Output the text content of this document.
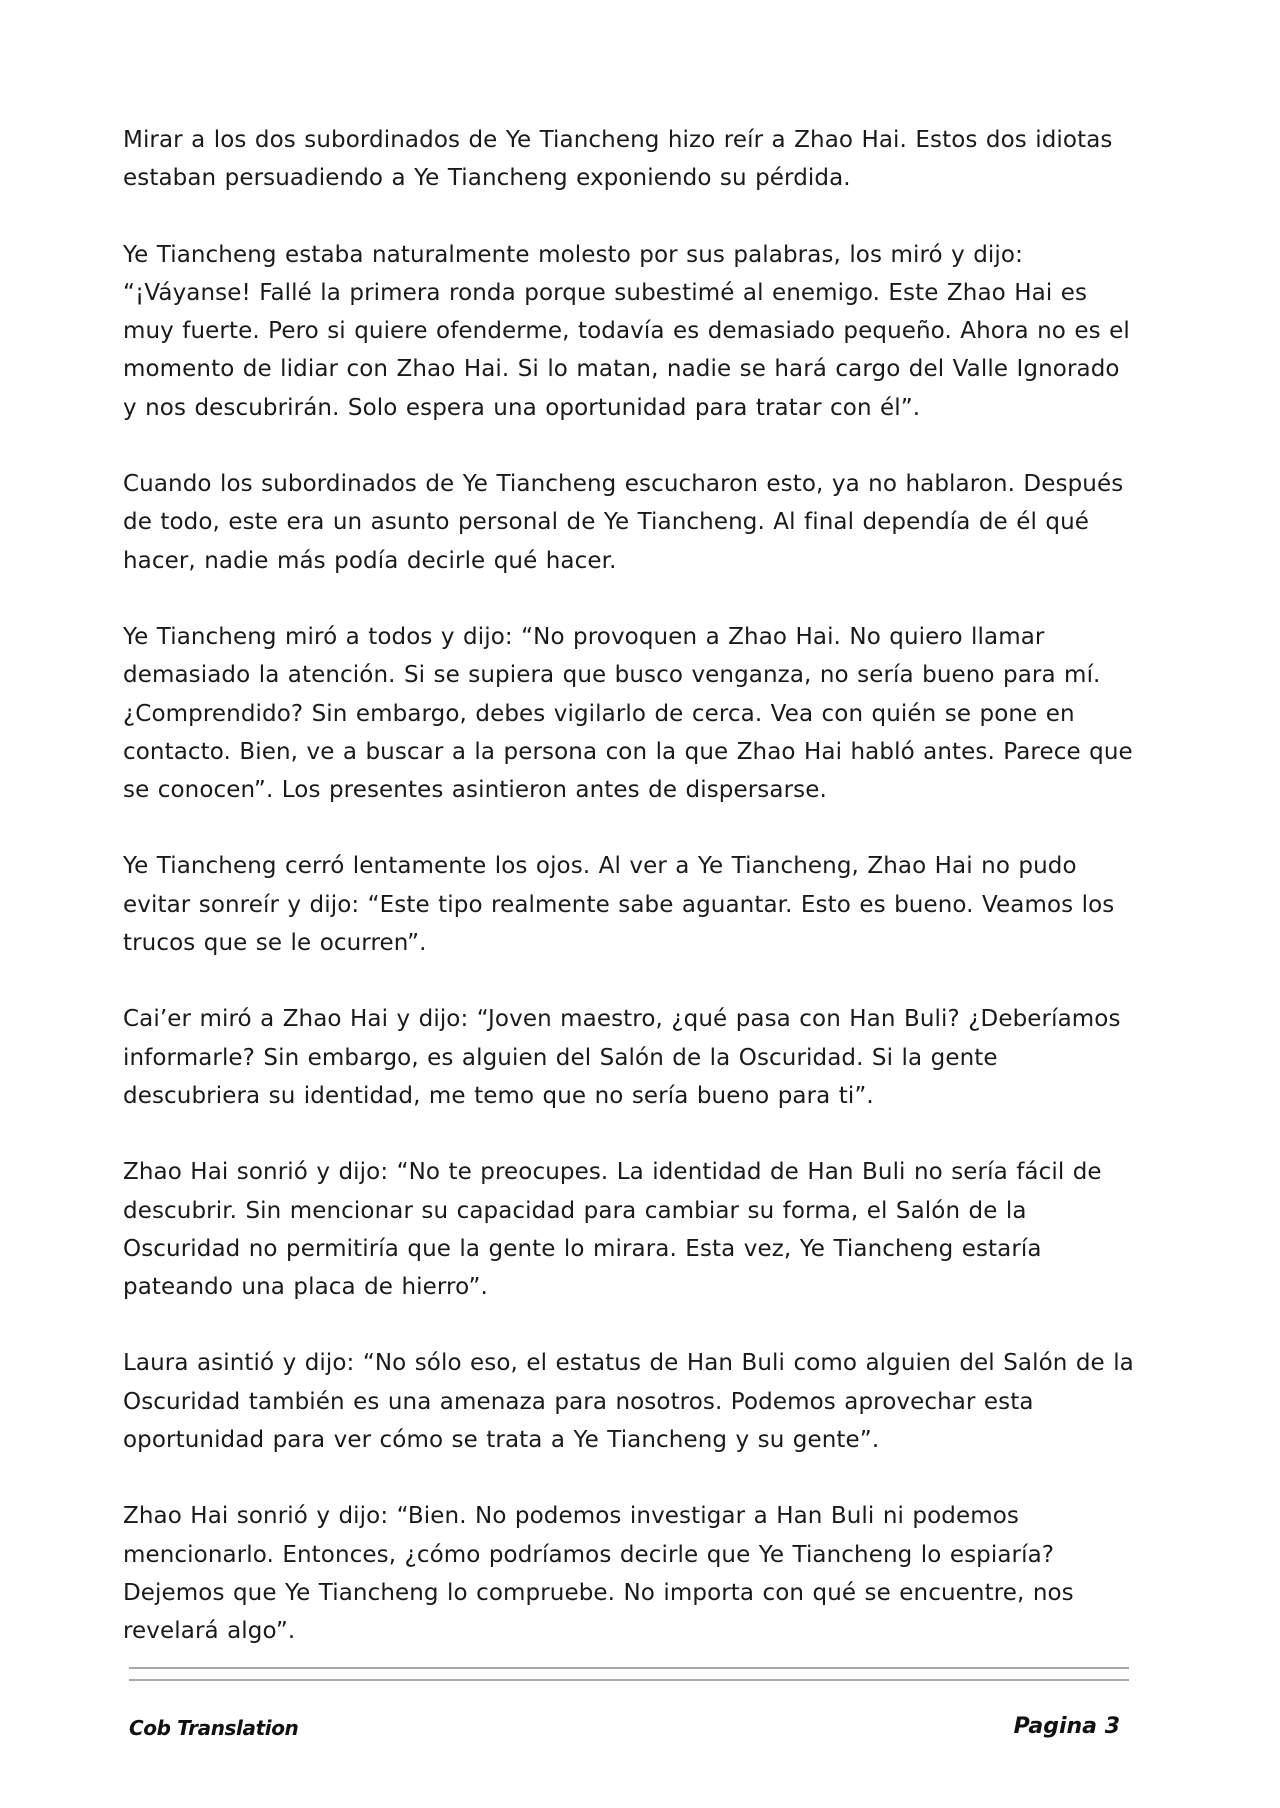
Mirar a los dos subordinados de Ye Tiancheng hizo reír a Zhao Hai. Estos dos idiotas estaban persuadiendo a Ye Tiancheng exponiendo su pérdida.

Ye Tiancheng estaba naturalmente molesto por sus palabras, los miró y dijo: “¡Váyanse! Fallé la primera ronda porque subestimé al enemigo. Este Zhao Hai es muy fuerte. Pero si quiere ofenderme, todavía es demasiado pequeño. Ahora no es el momento de lidiar con Zhao Hai. Si lo matan, nadie se hará cargo del Valle Ignorado y nos descubrirán. Solo espera una oportunidad para tratar con él”.

Cuando los subordinados de Ye Tiancheng escucharon esto, ya no hablaron. Después de todo, este era un asunto personal de Ye Tiancheng. Al final dependía de él qué hacer, nadie más podía decirle qué hacer.

Ye Tiancheng miró a todos y dijo: “No provoquen a Zhao Hai. No quiero llamar demasiado la atención. Si se supiera que busco venganza, no sería bueno para mí. ¿Comprendido? Sin embargo, debes vigilarlo de cerca. Vea con quién se pone en contacto. Bien, ve a buscar a la persona con la que Zhao Hai habló antes. Parece que se conocen”. Los presentes asintieron antes de dispersarse.

Ye Tiancheng cerró lentamente los ojos. Al ver a Ye Tiancheng, Zhao Hai no pudo evitar sonreír y dijo: “Este tipo realmente sabe aguantar. Esto es bueno. Veamos los trucos que se le ocurren”.

Cai’er miró a Zhao Hai y dijo: “Joven maestro, ¿qué pasa con Han Buli? ¿Deberíamos informarle? Sin embargo, es alguien del Salón de la Oscuridad. Si la gente descubriera su identidad, me temo que no sería bueno para ti”.

Zhao Hai sonrió y dijo: “No te preocupes. La identidad de Han Buli no sería fácil de descubrir. Sin mencionar su capacidad para cambiar su forma, el Salón de la Oscuridad no permitiría que la gente lo mirara. Esta vez, Ye Tiancheng estaría pateando una placa de hierro”.

Laura asintió y dijo: “No sólo eso, el estatus de Han Buli como alguien del Salón de la Oscuridad también es una amenaza para nosotros. Podemos aprovechar esta oportunidad para ver cómo se trata a Ye Tiancheng y su gente”.

Zhao Hai sonrió y dijo: “Bien. No podemos investigar a Han Buli ni podemos mencionarlo. Entonces, ¿cómo podríamos decirle que Ye Tiancheng lo espiaría? Dejemos que Ye Tiancheng lo compruebe. No importa con qué se encuentre, nos revelará algo”.

Cob Translation	Pagina 3
